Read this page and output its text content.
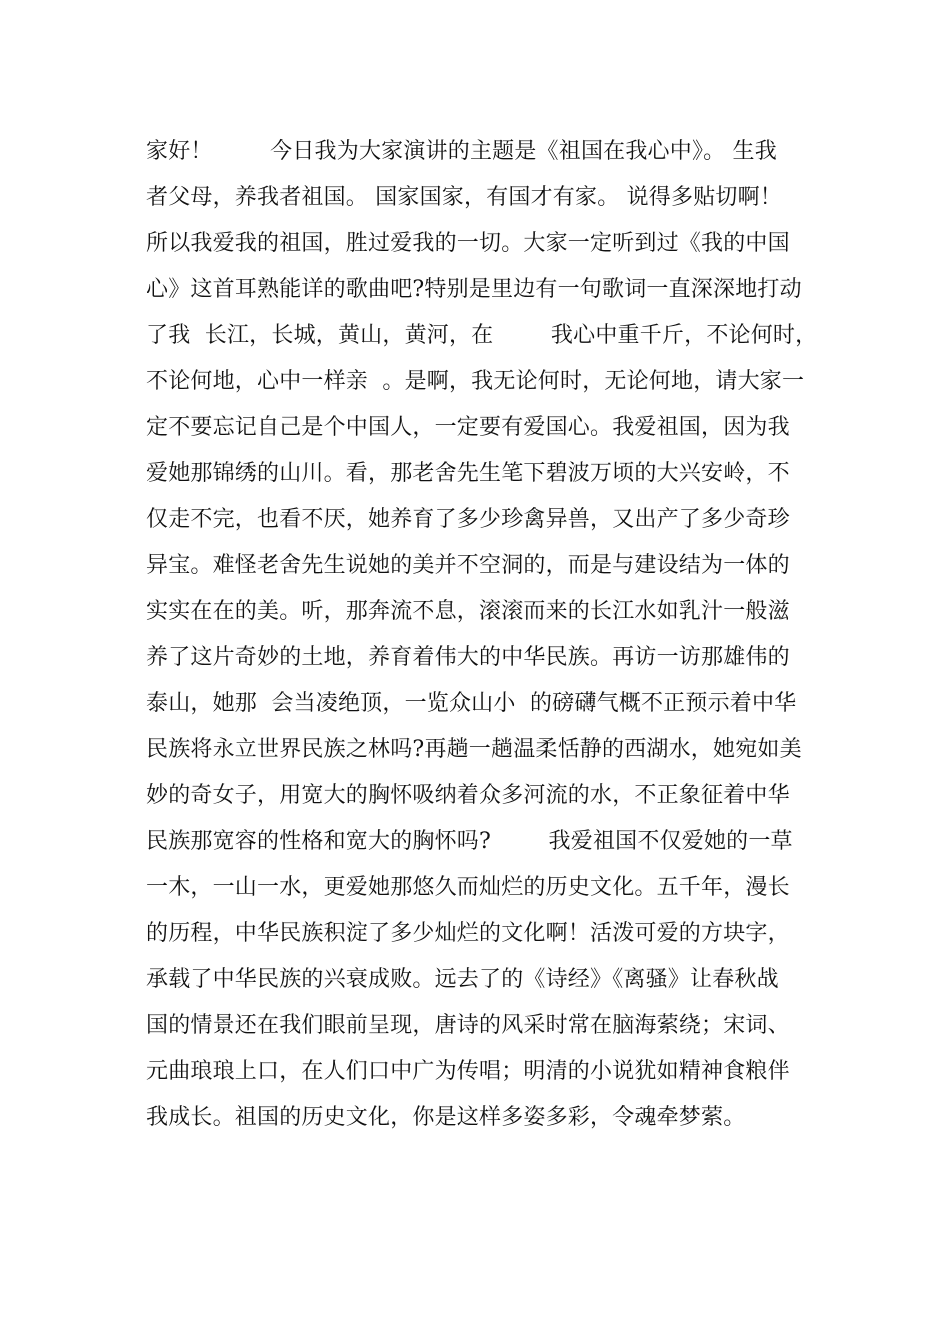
家好！        今日我为大家演讲的主题是《祖国在我心中》。 生我
者父母，养我者祖国。 国家国家，有国才有家。 说得多贴切啊！
所以我爱我的祖国，胜过爱我的一切。大家一定听到过《我的中国
心》这首耳熟能详的歌曲吧?特别是里边有一句歌词一直深深地打动
了我  长江，长城，黄山，黄河，在        我心中重千斤，不论何时，
不论何地，心中一样亲  。是啊，我无论何时，无论何地，请大家一
定不要忘记自己是个中国人，一定要有爱国心。我爱祖国，因为我
爱她那锦绣的山川。看，那老舍先生笔下碧波万顷的大兴安岭，不
仅走不完，也看不厌，她养育了多少珍禽异兽，又出产了多少奇珍
异宝。难怪老舍先生说她的美并不空洞的，而是与建设结为一体的
实实在在的美。听，那奔流不息，滚滚而来的长江水如乳汁一般滋
养了这片奇妙的土地，养育着伟大的中华民族。再访一访那雄伟的
泰山，她那  会当凌绝顶，一览众山小  的磅礴气概不正预示着中华
民族将永立世界民族之林吗?再趟一趟温柔恬静的西湖水，她宛如美
妙的奇女子，用宽大的胸怀吸纳着众多河流的水，不正象征着中华
民族那宽容的性格和宽大的胸怀吗?        我爱祖国不仅爱她的一草
一木，一山一水，更爱她那悠久而灿烂的历史文化。五千年，漫长
的历程，中华民族积淀了多少灿烂的文化啊！活泼可爱的方块字，
承载了中华民族的兴衰成败。远去了的《诗经》《离骚》让春秋战
国的情景还在我们眼前呈现，唐诗的风采时常在脑海萦绕；宋词、
元曲琅琅上口，在人们口中广为传唱；明清的小说犹如精神食粮伴
我成长。祖国的历史文化，你是这样多姿多彩，令魂牵梦萦。
